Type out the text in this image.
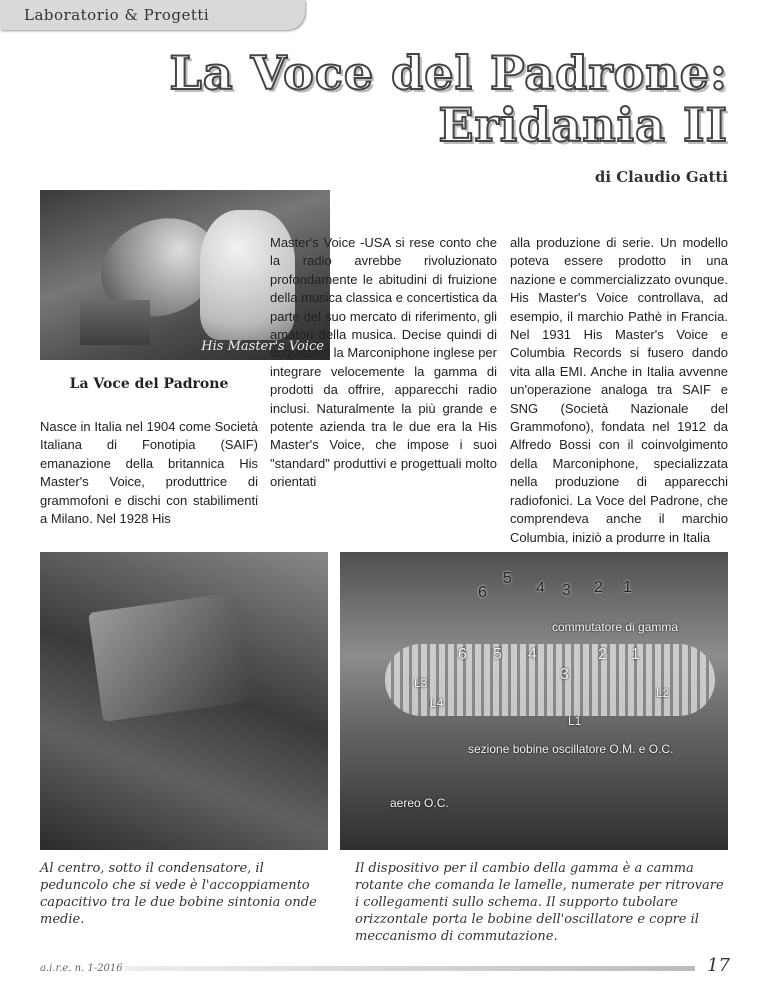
Laboratorio & Progetti
La Voce del Padrone:
Eridania II
di Claudio Gatti
His Master's Voice
La Voce del Padrone

Nasce in Italia nel 1904 come Società Italiana di Fonotipia (SAIF) emanazione della britannica His Master's Voice, produttrice di grammofoni e dischi con stabilimenti a Milano. Nel 1928 His

Master's Voice -USA si rese conto che la radio avrebbe rivoluzionato profondamente le abitudini di fruizione della musica classica e concertistica da parte del suo mercato di riferimento, gli amatori della musica. Decise quindi di acquistare la Marconiphone inglese per integrare velocemente la gamma di prodotti da offrire, apparecchi radio inclusi. Naturalmente la più grande e potente azienda tra le due era la His Master's Voice, che impose i suoi "standard" produttivi e progettuali molto orientati

alla produzione di serie. Un modello poteva essere prodotto in una nazione e commercializzato ovunque. His Master's Voice controllava, ad esempio, il marchio Pathè in Francia. Nel 1931 His Master's Voice e Columbia Records si fusero dando vita alla EMI. Anche in Italia avvenne un'operazione analoga tra SAIF e SNG (Società Nazionale del Grammofono), fondata nel 1912 da Alfredo Bossi con il coinvolgimento della Marconiphone, specializzata nella produzione di apparecchi radiofonici. La Voce del Padrone, che comprendeva anche il marchio Columbia, iniziò a produrre in Italia

6
5
4 3 2 1
commutatore di gamma
6 5 4
3
2 1
L3
L4
L2
L1
sezione bobine oscillatore O.M. e O.C.
aereo O.C.

Al centro, sotto il condensatore, il peduncolo che si vede è l'accoppiamento capacitivo tra le due bobine sintonia onde medie.

Il dispositivo per il cambio della gamma è a camma rotante che comanda le lamelle, numerate per ritrovare i collegamenti sullo schema. Il supporto tubolare orizzontale porta le bobine dell'oscillatore e copre il meccanismo di commutazione.

a.i.r.e. n. 1-2016	17
